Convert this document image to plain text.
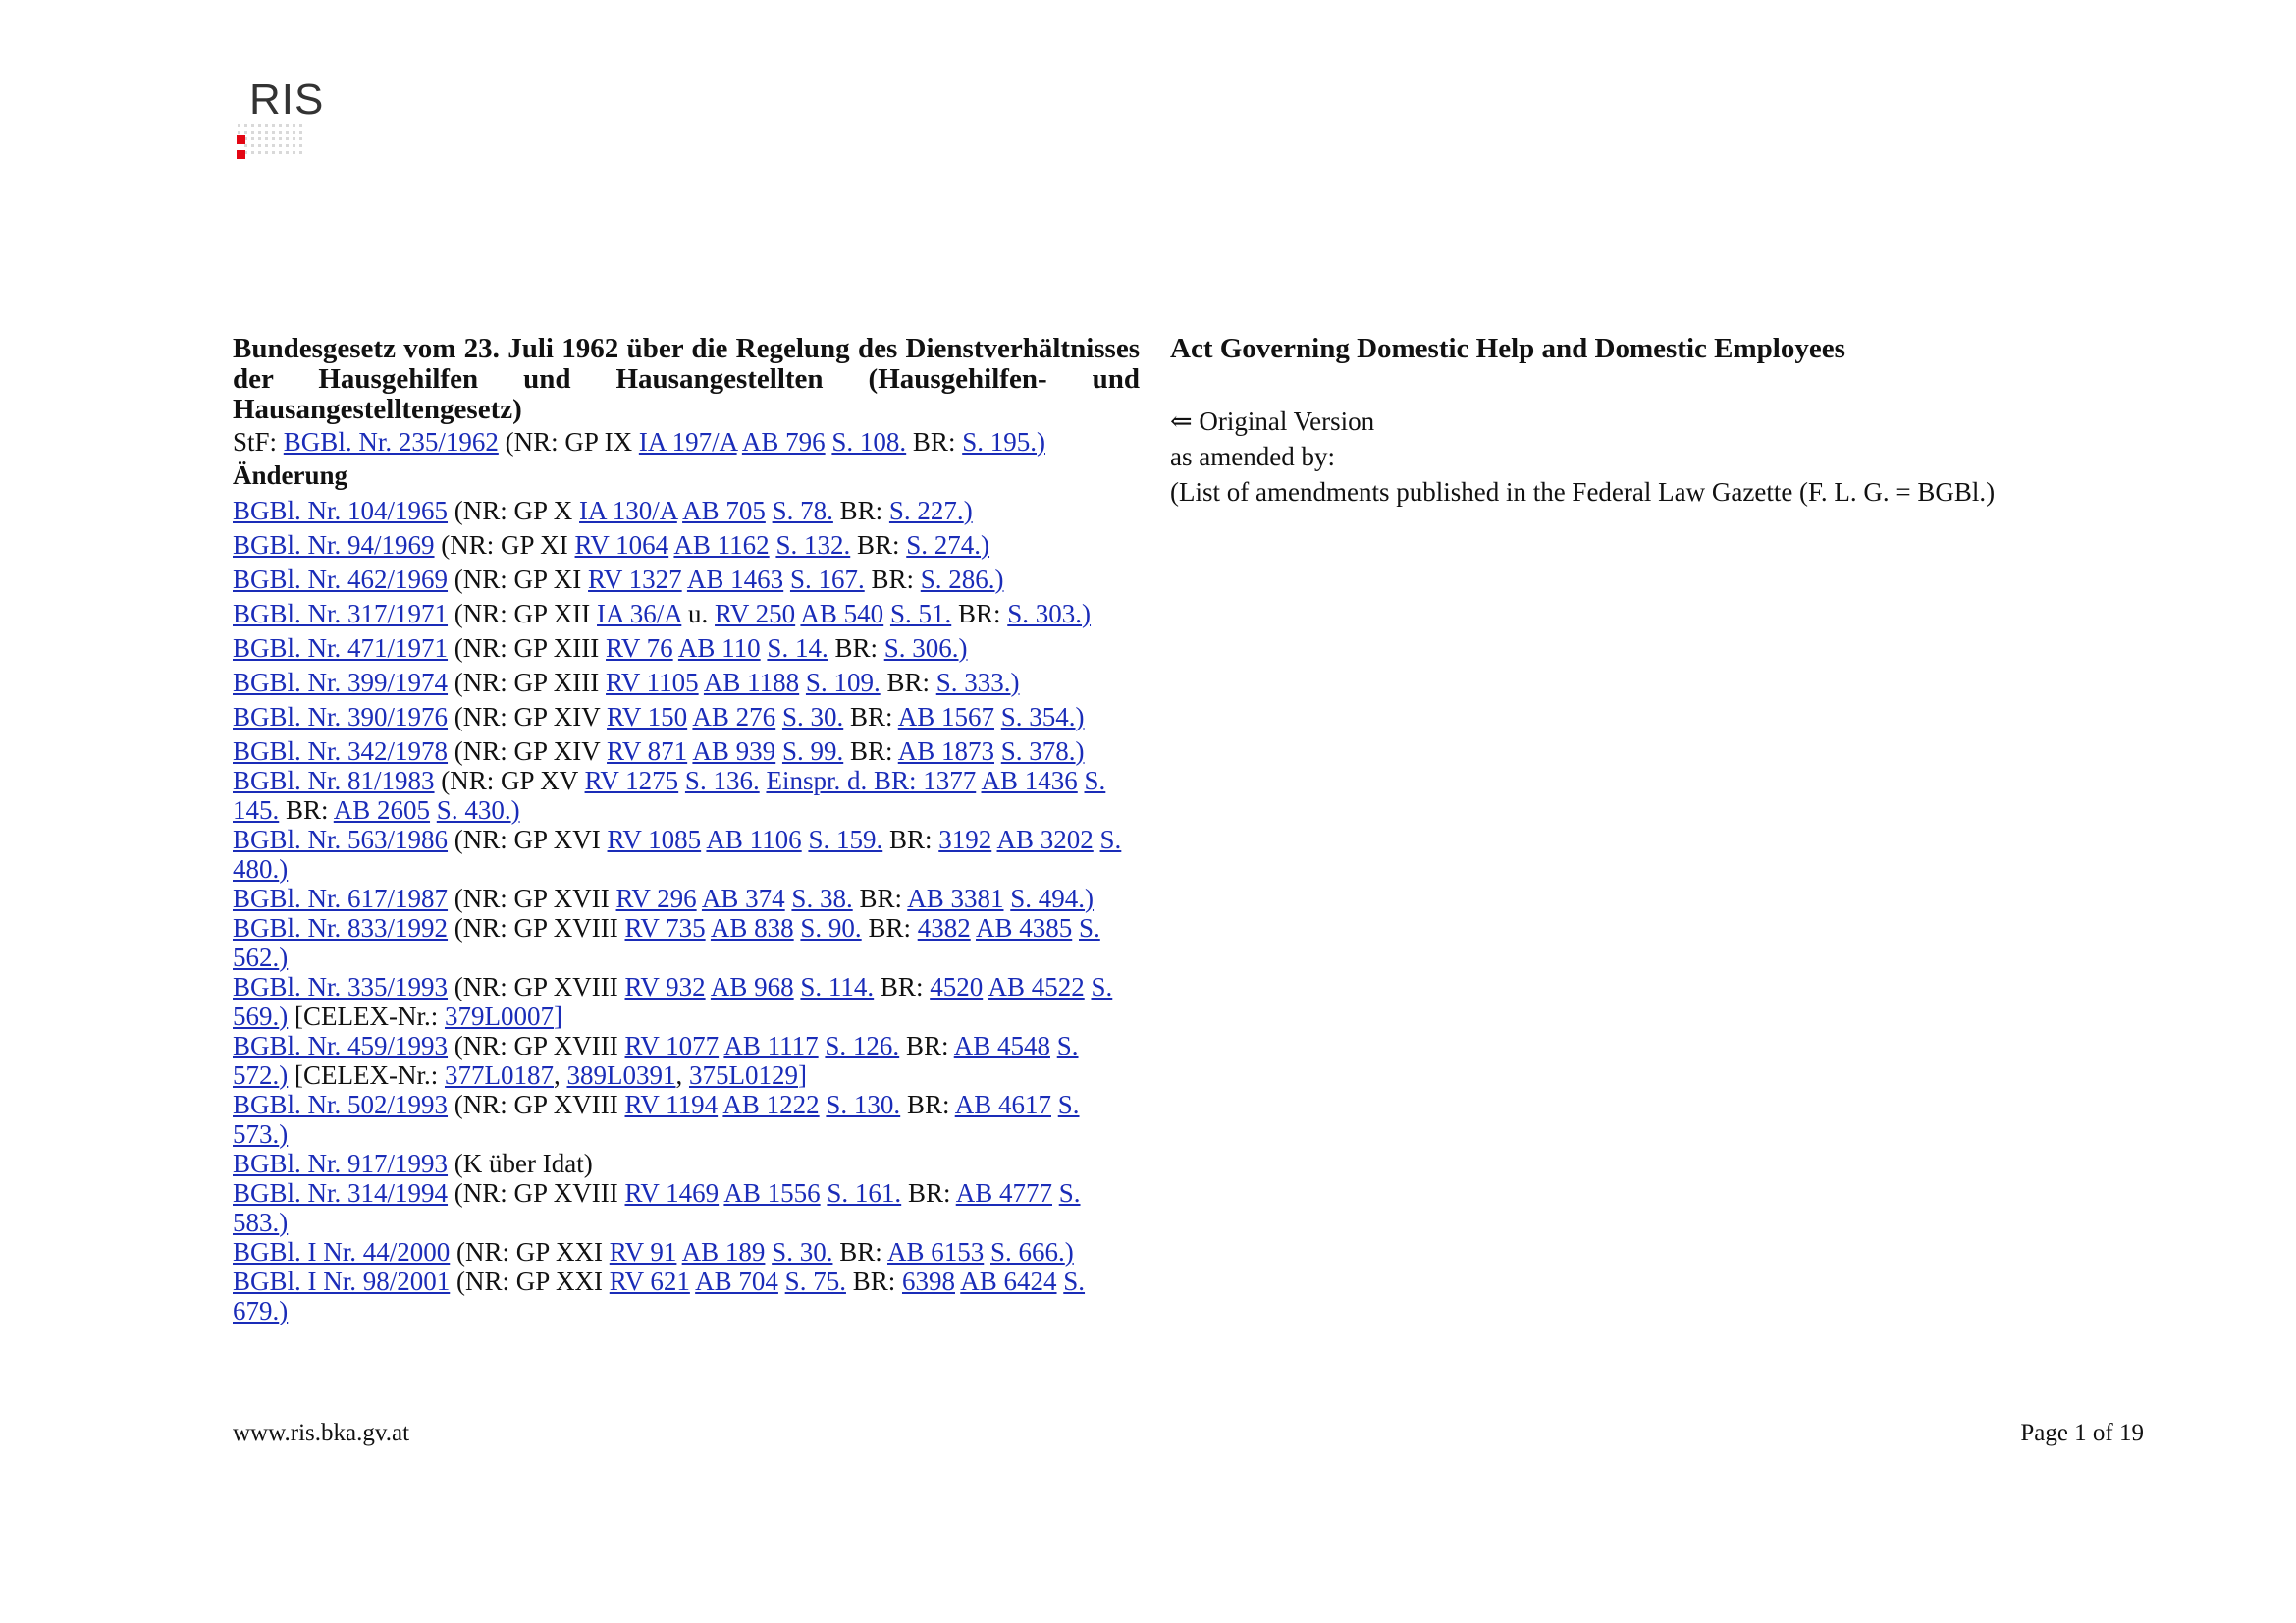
RIS

Bundesgesetz vom 23. Juli 1962 über die Regelung des Dienstverhältnisses der Hausgehilfen und Hausangestellten (Hausgehilfen- und Hausangestelltengesetz)

StF: BGBl. Nr. 235/1962 (NR: GP IX IA 197/A AB 796 S. 108. BR: S. 195.)
Änderung
BGBl. Nr. 104/1965 (NR: GP X IA 130/A AB 705 S. 78. BR: S. 227.)
BGBl. Nr. 94/1969 (NR: GP XI RV 1064 AB 1162 S. 132. BR: S. 274.)
BGBl. Nr. 462/1969 (NR: GP XI RV 1327 AB 1463 S. 167. BR: S. 286.)
BGBl. Nr. 317/1971 (NR: GP XII IA 36/A u. RV 250 AB 540 S. 51. BR: S. 303.)
BGBl. Nr. 471/1971 (NR: GP XIII RV 76 AB 110 S. 14. BR: S. 306.)
BGBl. Nr. 399/1974 (NR: GP XIII RV 1105 AB 1188 S. 109. BR: S. 333.)
BGBl. Nr. 390/1976 (NR: GP XIV RV 150 AB 276 S. 30. BR: AB 1567 S. 354.)
BGBl. Nr. 342/1978 (NR: GP XIV RV 871 AB 939 S. 99. BR: AB 1873 S. 378.)
BGBl. Nr. 81/1983 (NR: GP XV RV 1275 S. 136. Einspr. d. BR: 1377 AB 1436 S. 145. BR: AB 2605 S. 430.)
BGBl. Nr. 563/1986 (NR: GP XVI RV 1085 AB 1106 S. 159. BR: 3192 AB 3202 S. 480.)
BGBl. Nr. 617/1987 (NR: GP XVII RV 296 AB 374 S. 38. BR: AB 3381 S. 494.)
BGBl. Nr. 833/1992 (NR: GP XVIII RV 735 AB 838 S. 90. BR: 4382 AB 4385 S. 562.)
BGBl. Nr. 335/1993 (NR: GP XVIII RV 932 AB 968 S. 114. BR: 4520 AB 4522 S. 569.) [CELEX-Nr.: 379L0007]
BGBl. Nr. 459/1993 (NR: GP XVIII RV 1077 AB 1117 S. 126. BR: AB 4548 S. 572.) [CELEX-Nr.: 377L0187, 389L0391, 375L0129]
BGBl. Nr. 502/1993 (NR: GP XVIII RV 1194 AB 1222 S. 130. BR: AB 4617 S. 573.)
BGBl. Nr. 917/1993 (K über Idat)
BGBl. Nr. 314/1994 (NR: GP XVIII RV 1469 AB 1556 S. 161. BR: AB 4777 S. 583.)
BGBl. I Nr. 44/2000 (NR: GP XXI RV 91 AB 189 S. 30. BR: AB 6153 S. 666.)
BGBl. I Nr. 98/2001 (NR: GP XXI RV 621 AB 704 S. 75. BR: 6398 AB 6424 S. 679.)

Act Governing Domestic Help and Domestic Employees

⇐ Original Version
as amended by:
(List of amendments published in the Federal Law Gazette (F. L. G. = BGBl.)
www.ris.bka.gv.at	Page 1 of 19
